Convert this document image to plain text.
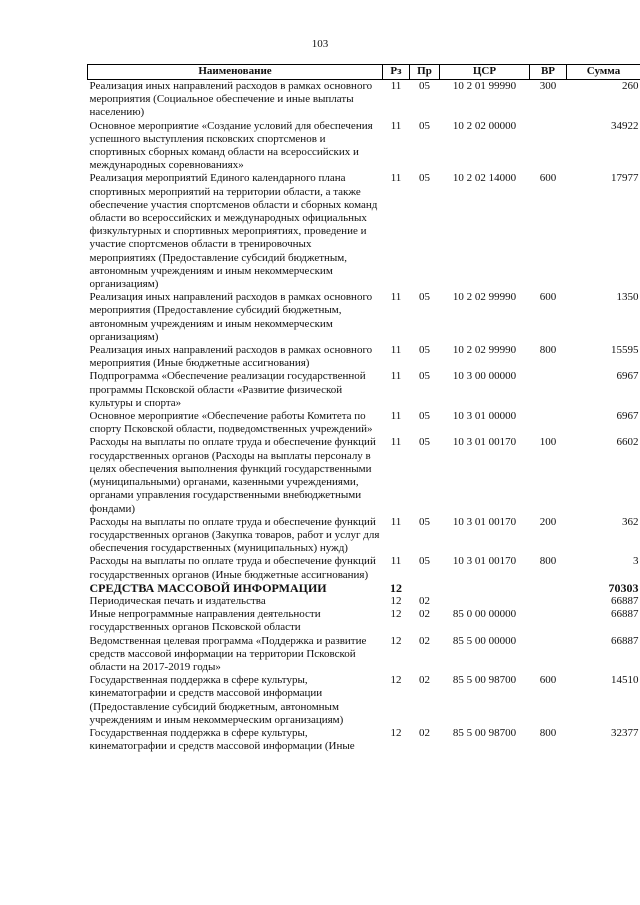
103
Наименование	Рз	Пр	ЦСР	ВР	Сумма
Реализация иных направлений расходов в рамках основного мероприятия (Социальное обеспечение и иные выплаты населению)	11	05	10 2 01 99990	300	260
Основное мероприятие «Создание условий для обеспечения успешного выступления псковских спортсменов и спортивных сборных команд области на всероссийских и международных соревнованиях»	11	05	10 2 02 00000		34922
Реализация мероприятий Единого календарного плана спортивных мероприятий на территории области, а также обеспечение участия спортсменов области и сборных команд области во всероссийских и международных официальных физкультурных и спортивных мероприятиях, проведение и участие спортсменов области в тренировочных мероприятиях (Предоставление субсидий бюджетным, автономным учреждениям и иным некоммерческим организациям)	11	05	10 2 02 14000	600	17977
Реализация иных направлений расходов в рамках основного мероприятия (Предоставление субсидий бюджетным, автономным учреждениям и иным некоммерческим организациям)	11	05	10 2 02 99990	600	1350
Реализация иных направлений расходов в рамках основного мероприятия (Иные бюджетные ассигнования)	11	05	10 2 02 99990	800	15595
Подпрограмма «Обеспечение реализации государственной программы Псковской области «Развитие физической культуры и спорта»	11	05	10 3 00 00000		6967
Основное мероприятие «Обеспечение работы Комитета по спорту Псковской области, подведомственных учреждений»	11	05	10 3 01 00000		6967
Расходы на выплаты по оплате труда и обеспечение функций государственных органов (Расходы на выплаты персоналу в целях обеспечения выполнения функций государственными (муниципальными) органами, казенными учреждениями, органами управления государственными внебюджетными фондами)	11	05	10 3 01 00170	100	6602
Расходы на выплаты по оплате труда и обеспечение функций государственных органов (Закупка товаров, работ и услуг для обеспечения государственных (муниципальных) нужд)	11	05	10 3 01 00170	200	362
Расходы на выплаты по оплате труда и обеспечение функций государственных органов (Иные бюджетные ассигнования)	11	05	10 3 01 00170	800	3
СРЕДСТВА МАССОВОЙ ИНФОРМАЦИИ	12				70303
Периодическая печать и издательства	12	02			66887
Иные непрограммные направления деятельности государственных органов Псковской области	12	02	85 0 00 00000		66887
Ведомственная целевая программа «Поддержка и развитие средств массовой информации на территории Псковской области на 2017-2019 годы»	12	02	85 5 00 00000		66887
Государственная поддержка в сфере культуры, кинематографии и средств массовой информации (Предоставление субсидий бюджетным, автономным учреждениям и иным некоммерческим организациям)	12	02	85 5 00 98700	600	14510
Государственная поддержка в сфере культуры, кинематографии и средств массовой информации (Иные	12	02	85 5 00 98700	800	32377
